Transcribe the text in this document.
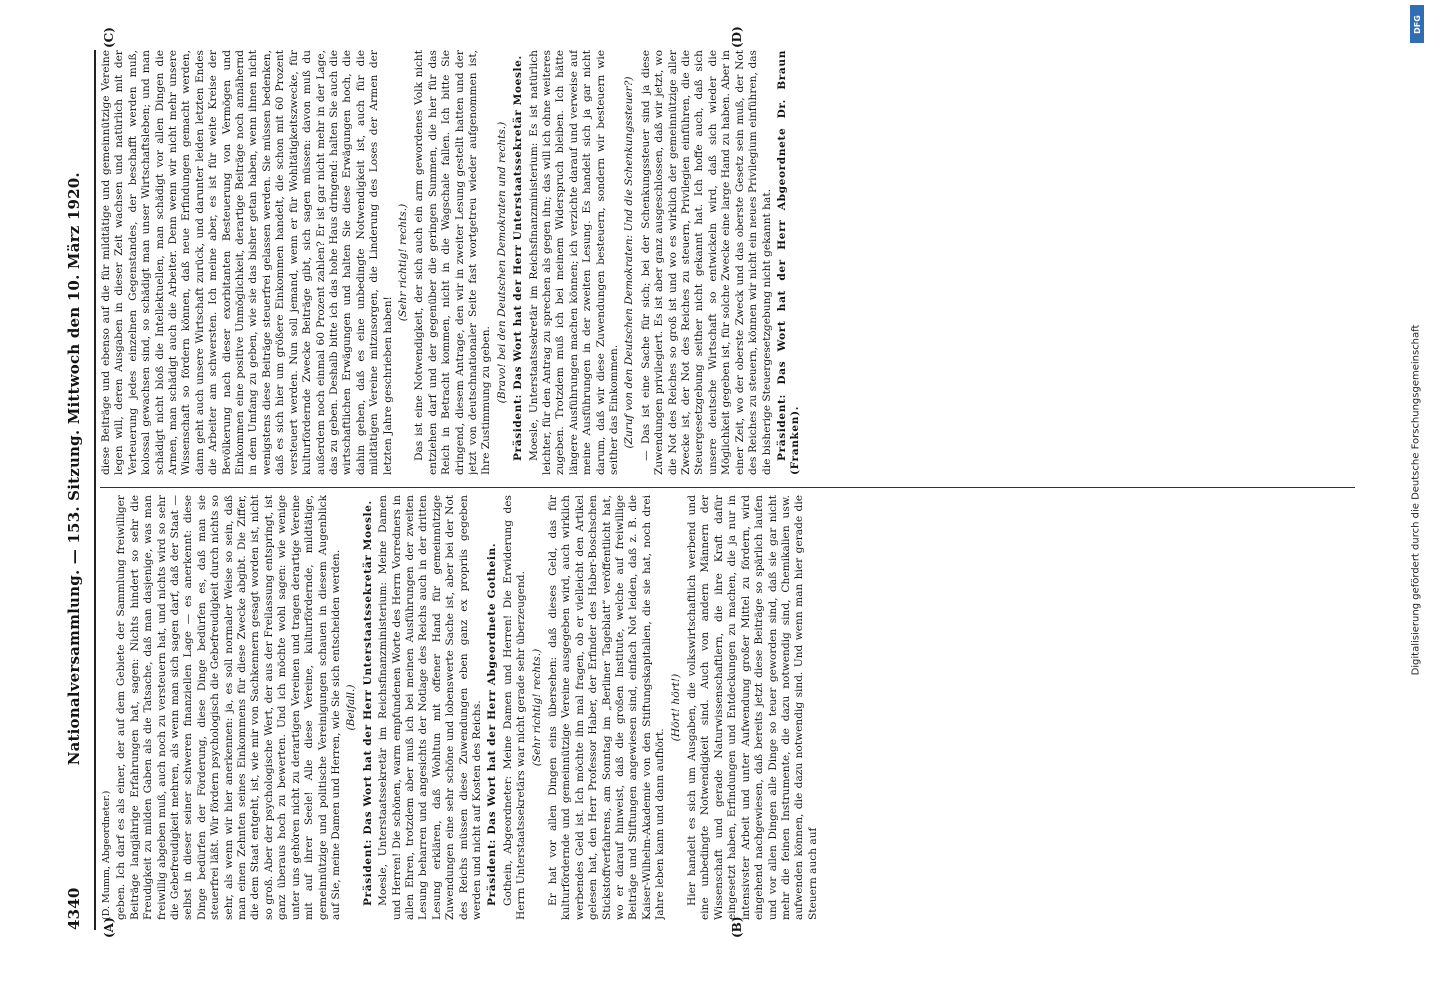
4340
Nationalversammlung. — 153. Sitzung. Mittwoch den 10. März 1920.
(A)	(B)
(C)	(D)

(D. Mumm, Abgeordneter.) geben. Ich darf es als einer, der auf dem Gebiete der Sammlung freiwilliger Beiträge langjährige Erfahrungen hat, sagen: Nichts hindert so sehr die Freudigkeit zu milden Gaben als die Tatsache, daß man dasjenige, was man freiwillig abgeben muß, auch noch zu versteuern hat, und nichts wird so sehr die Gebefreudigkeit mehren, als wenn man sich sagen darf, daß der Staat — selbst in dieser seiner schweren finanziellen Lage — es anerkennt: diese Dinge bedürfen der Förderung, diese Dinge bedürfen es, daß man sie steuerfrei läßt. Wir fördern psychologisch die Gebefreudigkeit durch nichts so sehr, als wenn wir hier anerkennen: ja, es soll normaler Weise so sein, daß man einen Zehnten seines Einkommens für diese Zwecke abgibt. Die Ziffer, die dem Staat entgeht, ist, wie mir von Sachkennern gesagt worden ist, nicht so groß. Aber der psychologische Wert, der aus der Freilassung entspringt, ist ganz überaus hoch zu bewerten. Und ich möchte wohl sagen: wie wenige unter uns gehören nicht zu derartigen Vereinen und tragen derartige Vereine mit auf ihrer Seele! Alle diese Vereine, kulturfördernde, mildtätige, gemeinnützige und politische Vereinigungen schauen in diesem Augenblick auf Sie, meine Damen und Herren, wie Sie sich entscheiden werden. (Beifall.) Präsident: Das Wort hat der Herr Unterstaatssekretär Moesle. Moesle, Unterstaatssekretär im Reichsfinanzministerium: Meine Damen und Herren! Die schönen, warm empfundenen Worte des Herrn Vorredners in allen Ehren, trotzdem aber muß ich bei meinen Ausführungen der zweiten Lesung beharren und angesichts der Notlage des Reichs auch in der dritten Lesung erklären, daß Wohltun mit offener Hand für gemeinnützige Zuwendungen eine sehr schöne und lobenswerte Sache ist, aber bei der Not des Reichs müssen diese Zuwendungen eben ganz ex propriis gegeben werden und nicht auf Kosten des Reichs. Präsident: Das Wort hat der Herr Abgeordnete Gothein. Gothein, Abgeordneter: Meine Damen und Herren! Die Erwiderung des Herrn Unterstaatssekretärs war nicht gerade sehr überzeugend. (Sehr richtig! rechts.) Er hat vor allen Dingen eins übersehen: daß dieses Geld, das für kulturfördernde und gemeinnützige Vereine ausgegeben wird, auch wirklich werbendes Geld ist. Ich möchte ihn mal fragen, ob er vielleicht den Artikel gelesen hat, den Herr Professor Haber, der Erfinder des Haber-Boschschen Stickstoffverfahrens, am Sonntag im „Berliner Tageblatt“ veröffentlicht hat, wo er darauf hinweist, daß die großen Institute, welche auf freiwillige Beiträge und Stiftungen angewiesen sind, einfach Not leiden, daß z. B. die Kaiser-Wilhelm-Akademie von den Stiftungskapitalien, die sie hat, noch drei Jahre leben kann und dann aufhört.

(Hört! hört!) Hier handelt es sich um Ausgaben, die volkswirtschaftlich werbend und eine unbedingte Notwendigkeit sind. Auch von andern Männern der Wissenschaft und gerade Naturwissenschaftlern, die ihre Kraft dafür eingesetzt haben, Erfindungen und Entdeckungen zu machen, die ja nur in intensivster Arbeit und unter Aufwendung großer Mittel zu fördern, wird eingehend nachgewiesen, daß bereits jetzt diese Beiträge so spärlich laufen und vor allen Dingen alle Dinge so teuer geworden sind, daß sie gar nicht mehr die feinen Instrumente, die dazu notwendig sind, Chemikalien usw. aufwenden können, die dazu notwendig sind. Und wenn man hier gerade die Steuern auch auf

diese Beiträge und ebenso auf die für mildtätige und gemeinnützige Vereine legen will, deren Ausgaben in dieser Zeit wachsen und natürlich mit der Verteuerung jedes einzelnen Gegenstandes, der beschafft werden muß, kolossal gewachsen sind, so schädigt man unser Wirtschaftsleben; und man schädigt nicht bloß die Intellektuellen, man schädigt vor allen Dingen die Armen, man schädigt auch die Arbeiter. Denn wenn wir nicht mehr unsere Wissenschaft so fördern können, daß neue Erfindungen gemacht werden, dann geht auch unsere Wirtschaft zurück, und darunter leiden letzten Endes die Arbeiter am schwersten. Ich meine aber, es ist für weite Kreise der Bevölkerung nach dieser exorbitanten Besteuerung von Vermögen und Einkommen eine positive Unmöglichkeit, derartige Beiträge noch annähernd in dem Umfang zu geben, wie sie das bisher getan haben, wenn ihnen nicht wenigstens diese Beiträge steuerfrei gelassen werden. Sie müssen bedenken, daß es sich hier um größere Einkommen handelt, die schon mit 60 Prozent versteuert werden. Nun soll jemand, wenn er für Wohltätigkeitszwecke, für kulturfördernde Zwecke Beiträge gibt, sich sagen müssen: davon muß du außerdem noch einmal 60 Prozent zahlen? Er ist gar nicht mehr in der Lage, das zu geben. Deshalb bitte ich das hohe Haus dringend: halten Sie auch die wirtschaftlichen Erwägungen und halten Sie diese Erwägungen hoch, die dahin gehen, daß es eine unbedingte Notwendigkeit ist, auch für die mildtätigen Vereine mitzusorgen, die Linderung des Loses der Armen der letzten Jahre geschrieben haben!

(Sehr richtig! rechts.) Das ist eine Notwendigkeit, der sich auch ein arm gewordenes Volk nicht entziehen darf und der gegenüber die geringen Summen, die hier für das Reich in Betracht kommen, nicht in die Wagschale fallen. Ich bitte Sie dringend, diesem Antrage, den wir in zweiter Lesung gestellt hatten und der jetzt von deutschnationaler Seite fast wortgetreu wieder aufgenommen ist, Ihre Zustimmung zu geben. (Bravo! bei den Deutschen Demokraten und rechts.) Präsident: Das Wort hat der Herr Unterstaatssekretär Moesle. Moesle, Unterstaatssekretär im Reichsfinanzministerium: Es ist natürlich leichter, für den Antrag zu sprechen als gegen ihn; das will ich ohne weiteres zugeben. Trotzdem muß ich bei meinem Widerspruch bleiben. Ich hätte längere Ausführungen machen können; ich verzichte darauf und verweise auf meine Ausführungen in der zweiten Lesung. Es handelt sich ja gar nicht darum, daß wir diese Zuwendungen besteuern, sondern wir besteuern wie seither das Einkommen. (Zuruf von den Deutschen Demokraten: Und die Schenkungssteuer?) — Das ist eine Sache für sich; bei der Schenkungssteuer sind ja diese Zuwendungen privilegiert. Es ist aber ganz ausgeschlossen, daß wir jetzt, wo die Not des Reiches so groß ist und wo es wirklich der gemeinnützige aller Zwecke ist, der Not des Reiches zu steuern, Privilegien einführen, die die Steuergesetzgebung seither nicht gekannt hat. Ich hoffe auch, daß sich unsere deutsche Wirtschaft so entwickeln wird, daß sich wieder die Möglichkeit gegeben ist, für solche Zwecke eine large Hand zu haben. Aber in einer Zeit, wo der oberste Zweck und das oberste Gesetz sein muß, der Not des Reiches zu steuern, können wir nicht ein neues Privilegium einführen, das die bisherige Steuergesetzgebung nicht gekannt hat. Präsident: Das Wort hat der Herr Abgeordnete Dr. Braun (Franken).

DFG
Digitalisierung gefördert durch die Deutsche Forschungsgemeinschaft
